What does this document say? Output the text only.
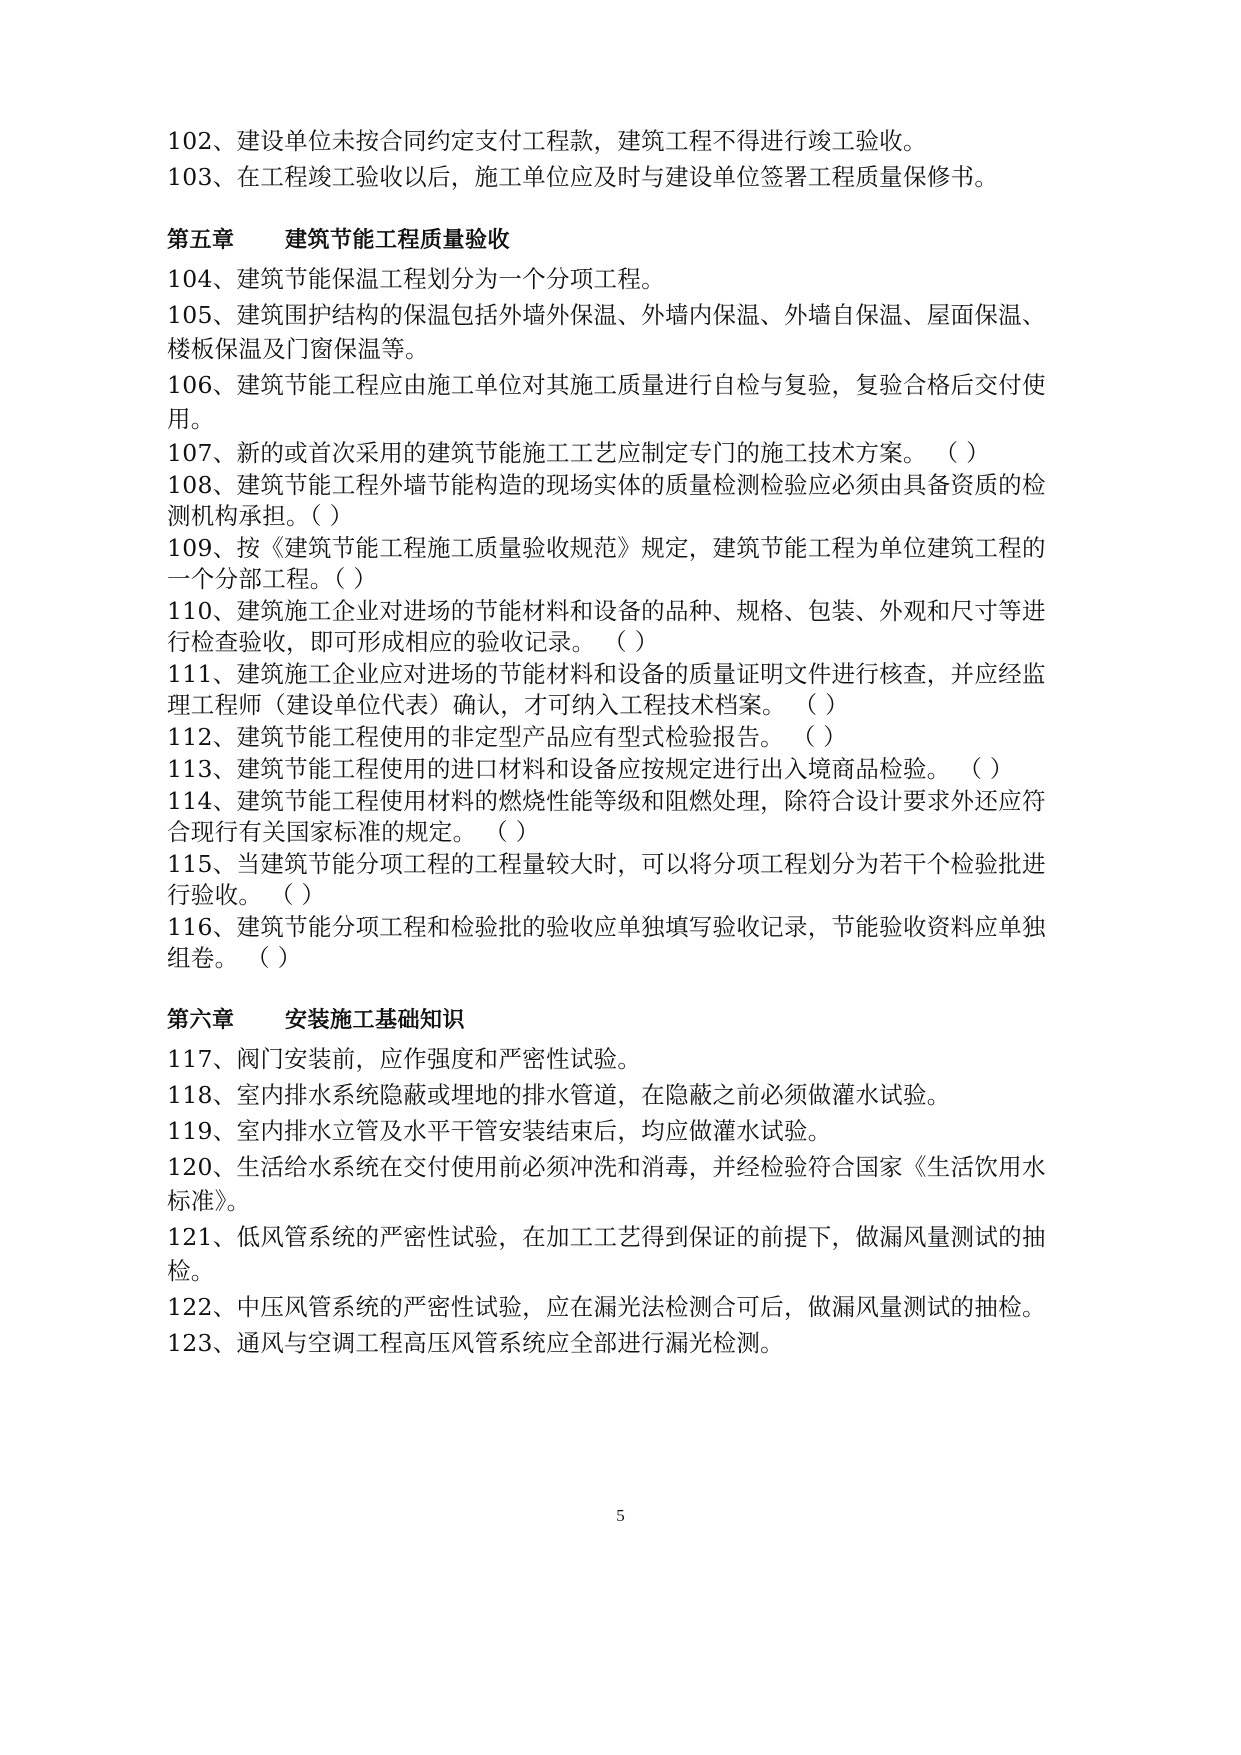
102、建设单位未按合同约定支付工程款，建筑工程不得进行竣工验收。

103、在工程竣工验收以后，施工单位应及时与建设单位签署工程质量保修书。

第五章 建筑节能工程质量验收

104、建筑节能保温工程划分为一个分项工程。

105、建筑围护结构的保温包括外墙外保温、外墙内保温、外墙自保温、屋面保温、楼板保温及门窗保温等。

106、建筑节能工程应由施工单位对其施工质量进行自检与复验，复验合格后交付使用。

107、新的或首次采用的建筑节能施工工艺应制定专门的施工技术方案。 （ ）

108、建筑节能工程外墙节能构造的现场实体的质量检测检验应必须由具备资质的检测机构承担。（ ）

109、按《建筑节能工程施工质量验收规范》规定，建筑节能工程为单位建筑工程的一个分部工程。（ ）

110、建筑施工企业对进场的节能材料和设备的品种、规格、包装、外观和尺寸等进行检查验收，即可形成相应的验收记录。 （ ）

111、建筑施工企业应对进场的节能材料和设备的质量证明文件进行核查，并应经监理工程师（建设单位代表）确认，才可纳入工程技术档案。 （ ）

112、建筑节能工程使用的非定型产品应有型式检验报告。 （ ）

113、建筑节能工程使用的进口材料和设备应按规定进行出入境商品检验。 （ ）

114、建筑节能工程使用材料的燃烧性能等级和阻燃处理，除符合设计要求外还应符合现行有关国家标准的规定。 （ ）

115、当建筑节能分项工程的工程量较大时，可以将分项工程划分为若干个检验批进行验收。 （ ）

116、建筑节能分项工程和检验批的验收应单独填写验收记录，节能验收资料应单独组卷。 （ ）

第六章 安装施工基础知识

117、阀门安装前，应作强度和严密性试验。

118、室内排水系统隐蔽或埋地的排水管道，在隐蔽之前必须做灌水试验。

119、室内排水立管及水平干管安装结束后，均应做灌水试验。

120、生活给水系统在交付使用前必须冲洗和消毒，并经检验符合国家《生活饮用水标准》。

121、低风管系统的严密性试验，在加工工艺得到保证的前提下，做漏风量测试的抽检。

122、中压风管系统的严密性试验，应在漏光法检测合可后，做漏风量测试的抽检。

123、通风与空调工程高压风管系统应全部进行漏光检测。

5
